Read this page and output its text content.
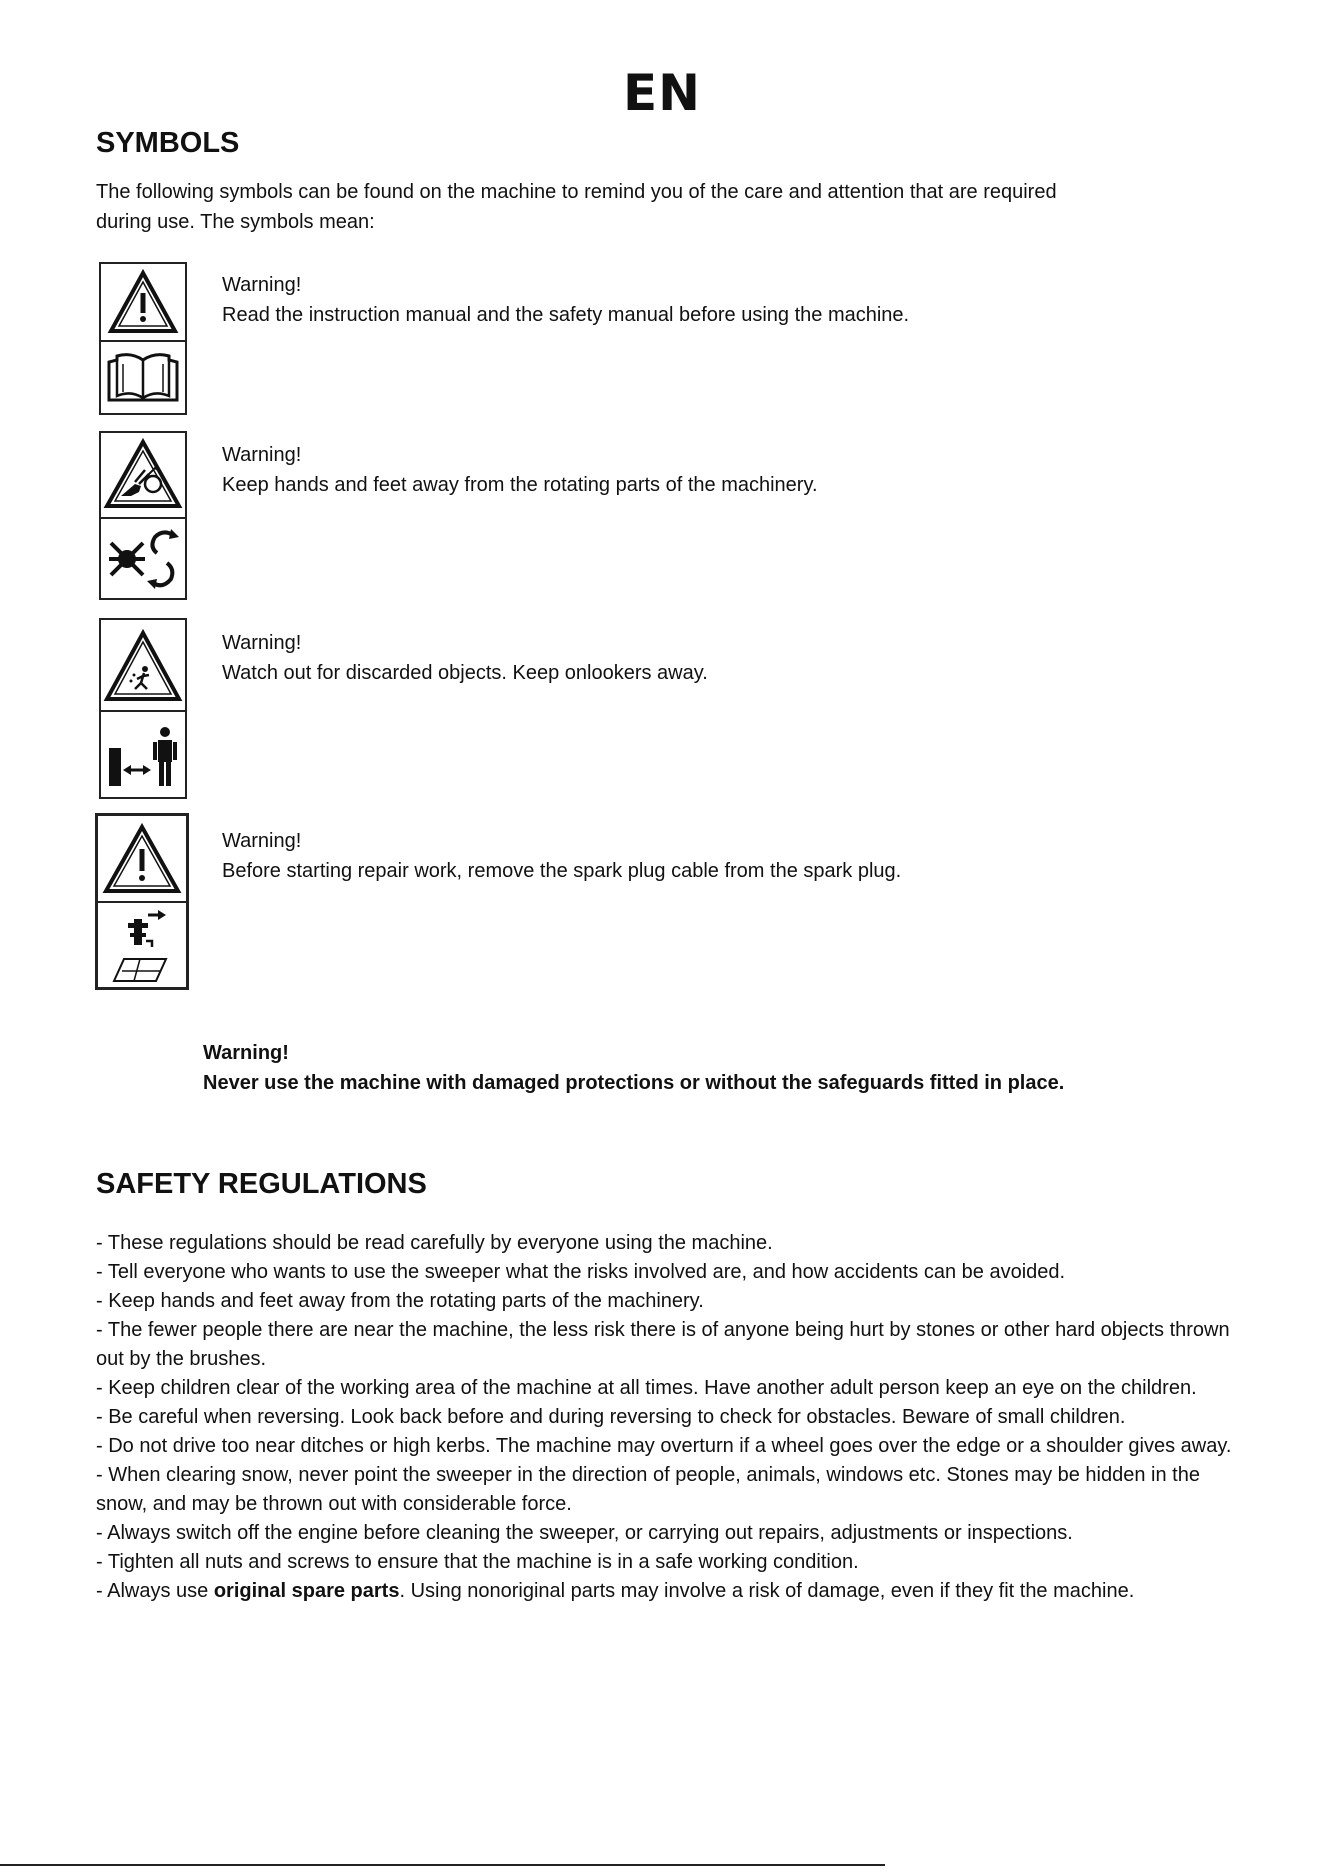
EN
SYMBOLS
The following symbols can be found on the machine to remind you of the care and attention that are required
during use. The symbols mean:
Warning!
Read the instruction manual and the safety manual before using the machine.
Warning!
Keep hands and feet away from the rotating parts of the machinery.
Warning!
Watch out for discarded objects. Keep onlookers away.
Warning!
Before starting repair work, remove the spark plug cable from the spark plug.
Warning!
Never use the machine with damaged protections or without the safeguards fitted in place.
SAFETY REGULATIONS

- These regulations should be read carefully by everyone using the machine.

- Tell everyone who wants to use the sweeper what the risks involved are, and how accidents can be avoided.

- Keep hands and feet away from the rotating parts of the machinery.

- The fewer people there are near the machine, the less risk there is of anyone being hurt by stones or other hard objects thrown out by the brushes.

- Keep children clear of the working area of the machine at all times. Have another adult person keep an eye on the children.

- Be careful when reversing. Look back before and during reversing to check for obstacles. Beware of small children.

- Do not drive too near ditches or high kerbs. The machine may overturn if a wheel goes over the edge or a shoulder gives away.

- When clearing snow, never point the sweeper in the direction of people, animals, windows etc. Stones may be hidden in the snow, and may be thrown out with considerable force.

- Always switch off the engine before cleaning the sweeper, or carrying out repairs, adjustments or inspections.

- Tighten all nuts and screws to ensure that the machine is in a safe working condition.

- Always use original spare parts. Using nonoriginal parts may involve a risk of damage, even if they fit the machine.
